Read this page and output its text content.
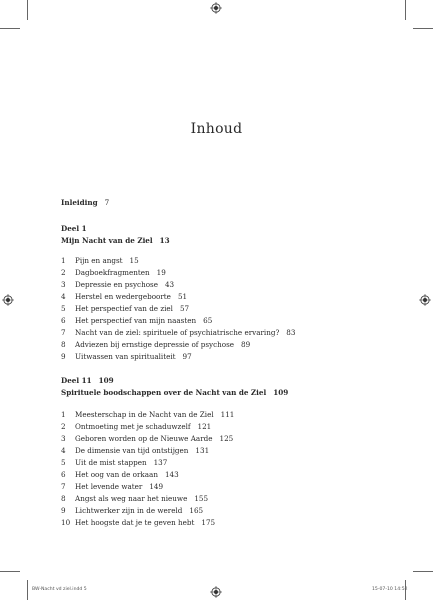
Inhoud
Inleiding 7
Deel 1
Mijn Nacht van de Ziel 13
1 Pijn en angst 15
2 Dagboekfragmenten 19
3 Depressie en psychose 43
4 Herstel en wedergeboorte 51
5 Het perspectief van de ziel 57
6 Het perspectief van mijn naasten 65
7 Nacht van de ziel: spirituele of psychiatrische ervaring? 83
8 Adviezen bij ernstige depressie of psychose 89
9 Uitwassen van spiritualiteit 97
Deel 11 109
Spirituele boodschappen over de Nacht van de Ziel 109
1 Meesterschap in de Nacht van de Ziel 111
2 Ontmoeting met je schaduwzelf 121
3 Geboren worden op de Nieuwe Aarde 125
4 De dimensie van tijd ontstijgen 131
5 Uit de mist stappen 137
6 Het oog van de orkaan 143
7 Het levende water 149
8 Angst als weg naar het nieuwe 155
9 Lichtwerker zijn in de wereld 165
10 Het hoogste dat je te geven hebt 175
BW-Nacht vd ziel.indd 5	15-07-10 14:52
